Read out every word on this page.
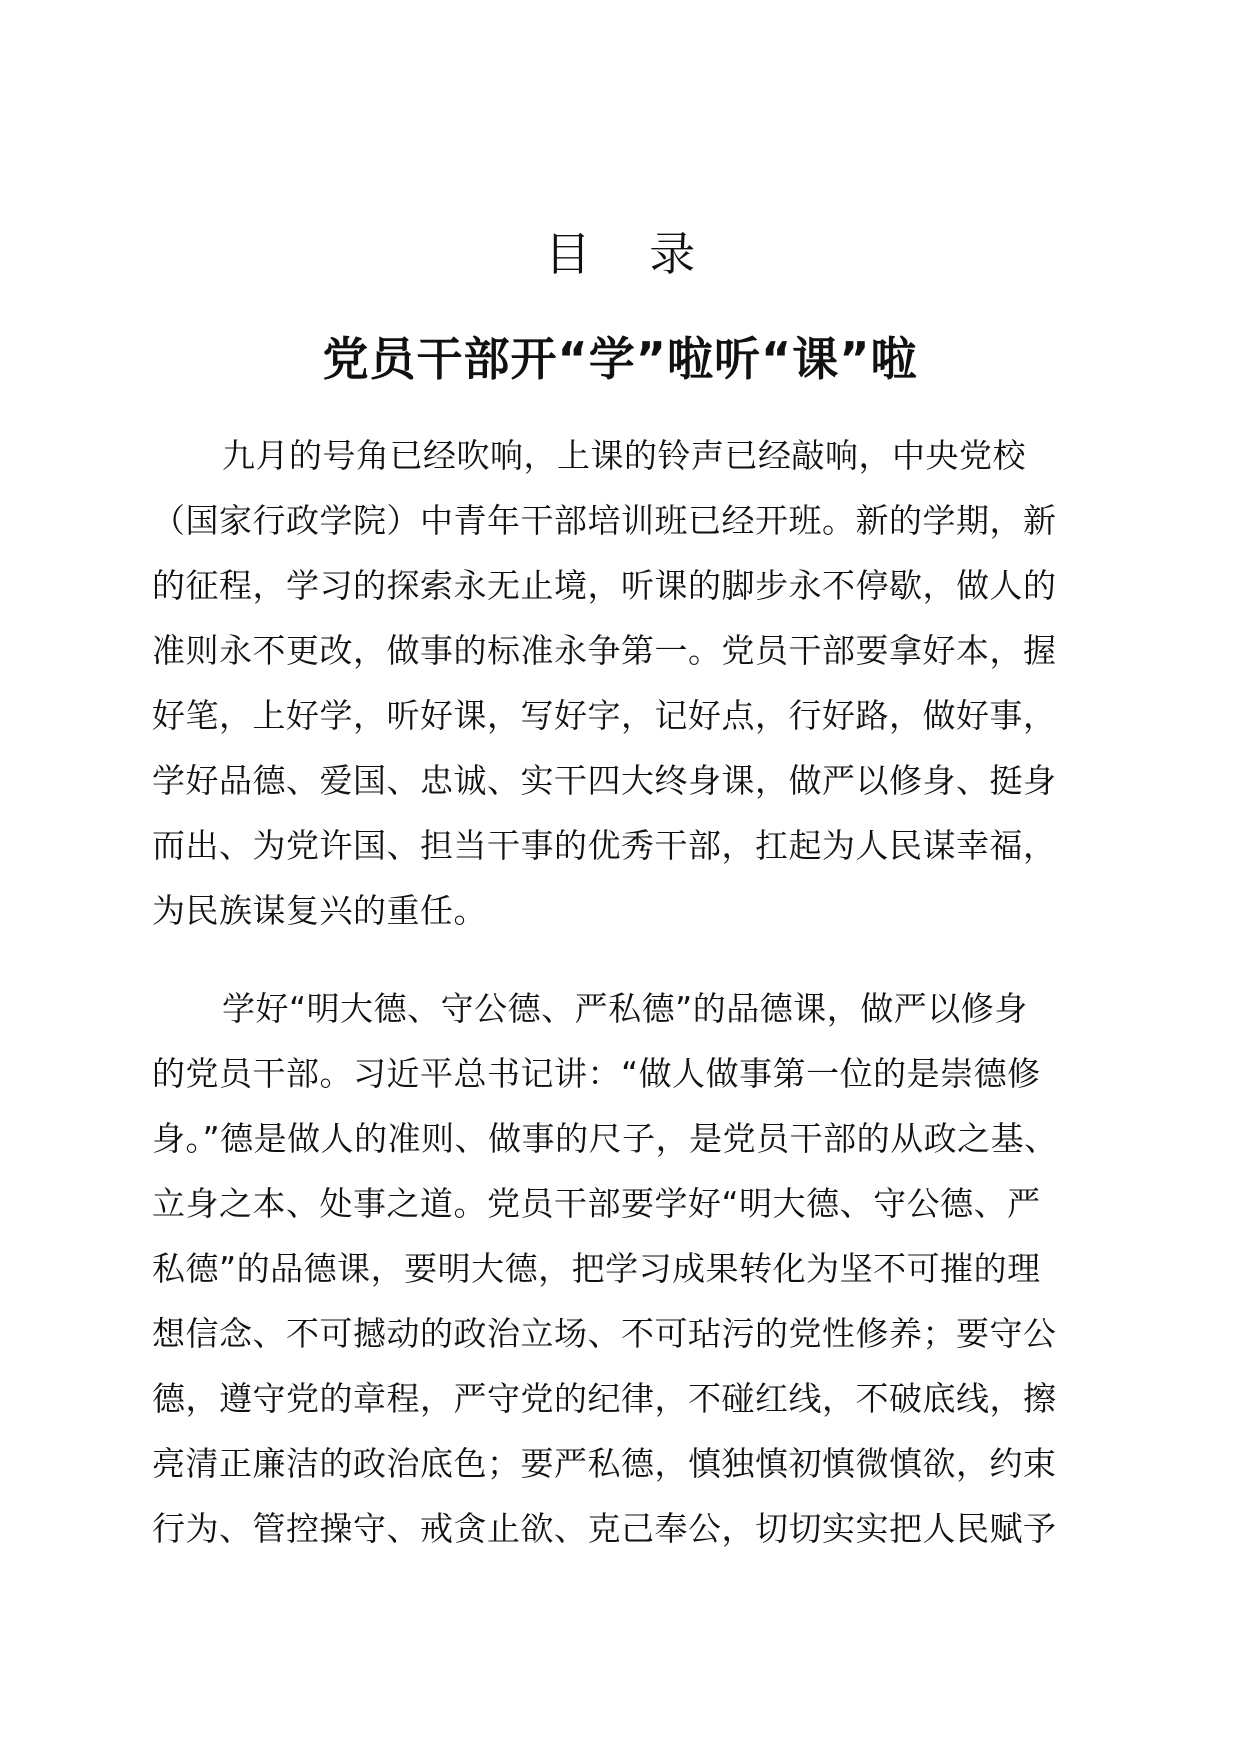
目 录
党员干部开“学”啦听“课”啦
九月的号角已经吹响，上课的铃声已经敲响，中央党校
（国家行政学院）中青年干部培训班已经开班。新的学期，新
的征程，学习的探索永无止境，听课的脚步永不停歇，做人的
准则永不更改，做事的标准永争第一。党员干部要拿好本，握
好笔，上好学，听好课，写好字，记好点，行好路，做好事，
学好品德、爱国、忠诚、实干四大终身课，做严以修身、挺身
而出、为党许国、担当干事的优秀干部，扛起为人民谋幸福，
为民族谋复兴的重任。
学好“明大德、守公德、严私德”的品德课，做严以修身
的党员干部。习近平总书记讲：“做人做事第一位的是崇德修
身。”德是做人的准则、做事的尺子，是党员干部的从政之基、
立身之本、处事之道。党员干部要学好“明大德、守公德、严
私德”的品德课，要明大德，把学习成果转化为坚不可摧的理
想信念、不可撼动的政治立场、不可玷污的党性修养；要守公
德，遵守党的章程，严守党的纪律，不碰红线，不破底线，擦
亮清正廉洁的政治底色；要严私德，慎独慎初慎微慎欲，约束
行为、管控操守、戒贪止欲、克己奉公，切切实实把人民赋予
